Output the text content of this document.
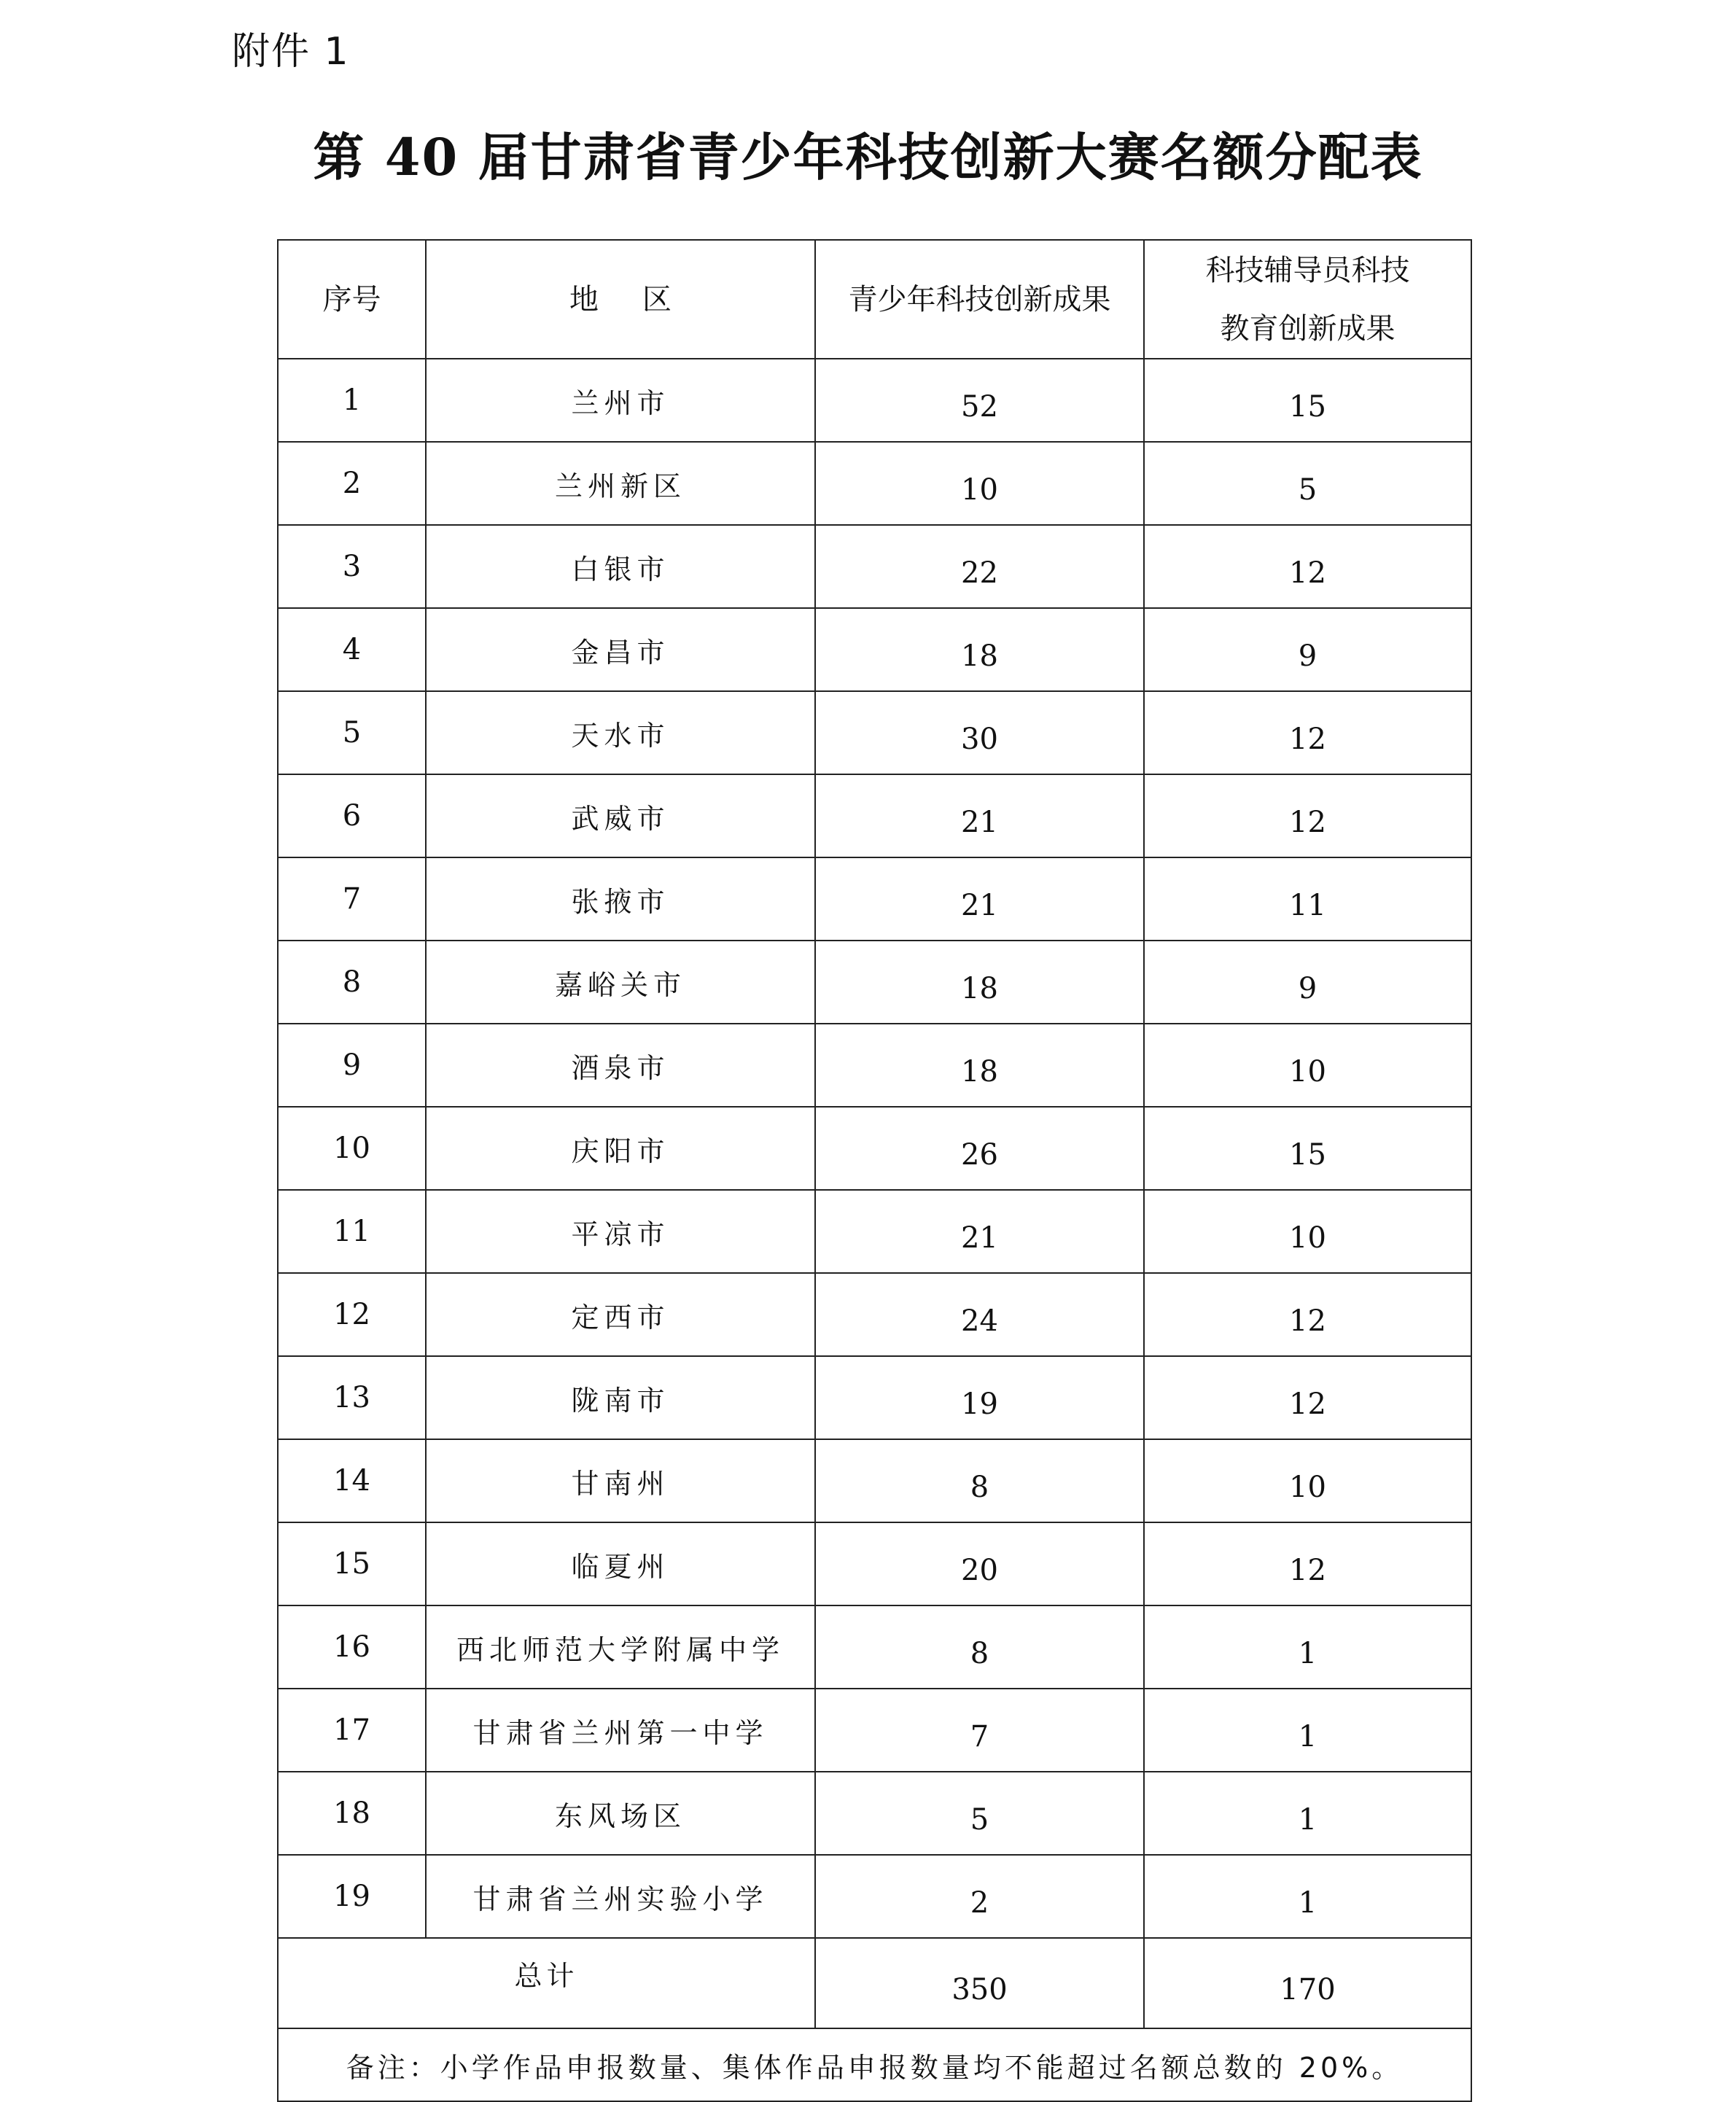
附件 1
第 40 届甘肃省青少年科技创新大赛名额分配表
序号	地区	青少年科技创新成果	科技辅导员科技
教育创新成果

1	兰州市	52	15
2	兰州新区	10	5
3	白银市	22	12
4	金昌市	18	9
5	天水市	30	12
6	武威市	21	12
7	张掖市	21	11
8	嘉峪关市	18	9
9	酒泉市	18	10
10	庆阳市	26	15
11	平凉市	21	10
12	定西市	24	12
13	陇南市	19	12
14	甘南州	8	10
15	临夏州	20	12
16	西北师范大学附属中学	8	1
17	甘肃省兰州第一中学	7	1
18	东风场区	5	1
19	甘肃省兰州实验小学	2	1
总计		350	170
备注：小学作品申报数量、集体作品申报数量均不能超过名额总数的 20%。			
